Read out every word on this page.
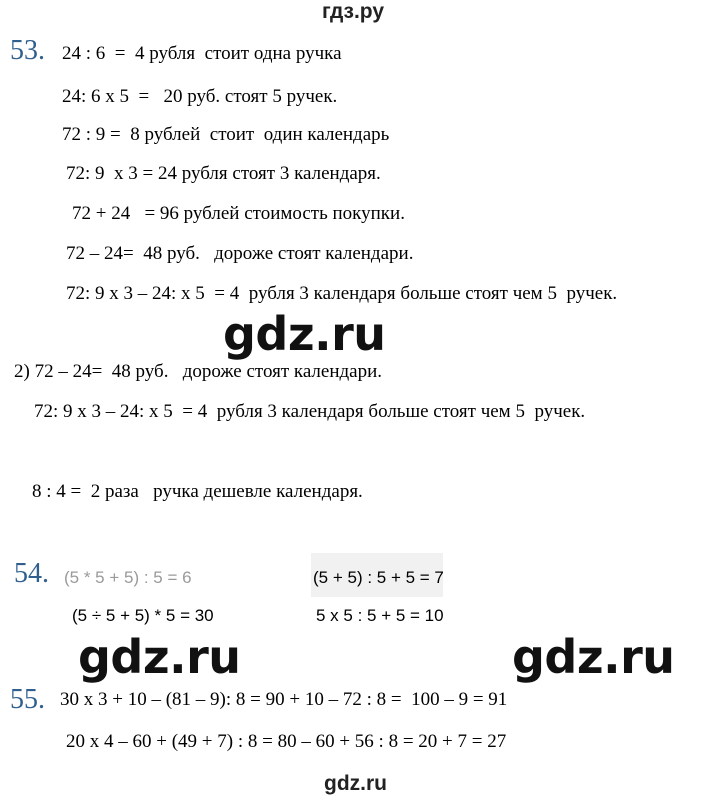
гдз.ру
53. 24 : 6  =  4 рубля  стоит одна ручка
24: 6 х 5  =   20 руб. стоят 5 ручек.
72 : 9 =  8 рублей  стоит  один календарь
72: 9  х 3 = 24 рубля стоят 3 календаря.
72 + 24   = 96 рублей стоимость покупки.
72 – 24=  48 руб.   дороже стоят календари.
72: 9 х 3 – 24: х 5  = 4  рубля 3 календаря больше стоят чем 5  ручек.
gdz.ru
2) 72 – 24=  48 руб.   дороже стоят календари.
72: 9 х 3 – 24: х 5  = 4  рубля 3 календаря больше стоят чем 5  ручек.
8 : 4 =  2 раза   ручка дешевле календаря.
54. (5 * 5 + 5) : 5 = 6
(5 ÷ 5 + 5) * 5 = 30
(5 + 5) : 5 + 5 = 7
5 х 5 : 5 + 5 = 10
gdz.ru	gdz.ru
55. 30 х 3 + 10 – (81 – 9): 8 = 90 + 10 – 72 : 8 =  100 – 9 = 91
20 х 4 – 60 + (49 + 7) : 8 = 80 – 60 + 56 : 8 = 20 + 7 = 27
gdz.ru
